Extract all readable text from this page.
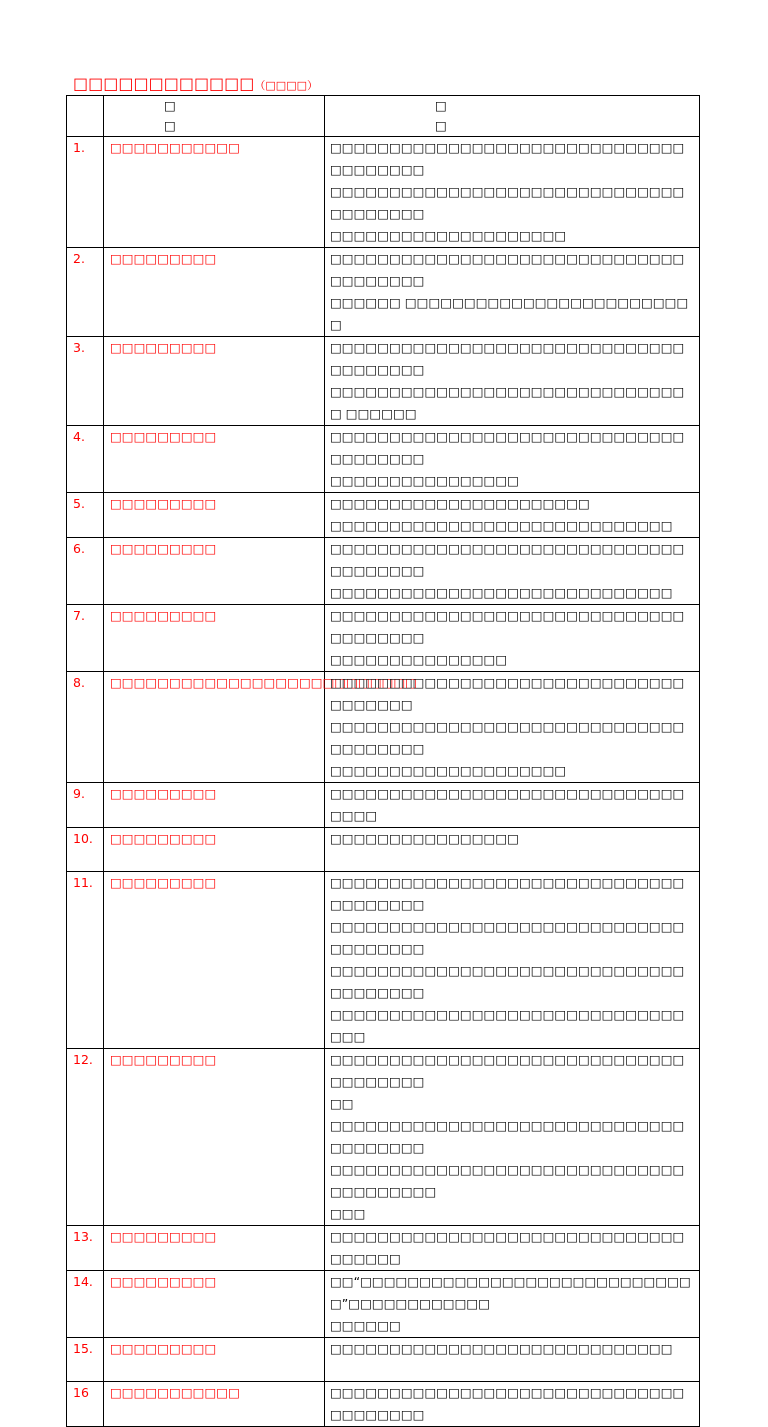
□□□□□□□□□□□□（□□□□）

	□ □	□ □

1.	□□□□□□□□□□□	□□□□□□□□□□□□□□□□□□□□□□□□□□□□□□□□□□□□□□
□□□□□□□□□□□□□□□□□□□□□□□□□□□□□□□□□□□□□□
□□□□□□□□□□□□□□□□□□□□

2.	□□□□□□□□□	□□□□□□□□□□□□□□□□□□□□□□□□□□□□□□□□□□□□□□
□□□□□□ □□□□□□□□□□□□□□□□□□□□□□□□□

3.	□□□□□□□□□	□□□□□□□□□□□□□□□□□□□□□□□□□□□□□□□□□□□□□□
□□□□□□□□□□□□□□□□□□□□□□□□□□□□□□□ □□□□□□

4.	□□□□□□□□□	□□□□□□□□□□□□□□□□□□□□□□□□□□□□□□□□□□□□□□
□□□□□□□□□□□□□□□□

5.	□□□□□□□□□	□□□□□□□□□□□□□□□□□□□□□□
□□□□□□□□□□□□□□□□□□□□□□□□□□□□□

6.	□□□□□□□□□	□□□□□□□□□□□□□□□□□□□□□□□□□□□□□□□□□□□□□□
□□□□□□□□□□□□□□□□□□□□□□□□□□□□□

7.	□□□□□□□□□	□□□□□□□□□□□□□□□□□□□□□□□□□□□□□□□□□□□□□□
□□□□□□□□□□□□□□□

8.	□□□□□□□□□□□□□□□□□□□□□□□□□□	□□□□□□□□□□□□□□□□□□□□□□□□□□□□□□□□□□□□□
□□□□□□□□□□□□□□□□□□□□□□□□□□□□□□□□□□□□□□
□□□□□□□□□□□□□□□□□□□□

9.	□□□□□□□□□	□□□□□□□□□□□□□□□□□□□□□□□□□□□□□□□□□□

10.	□□□□□□□□□	□□□□□□□□□□□□□□□□

11.	□□□□□□□□□	□□□□□□□□□□□□□□□□□□□□□□□□□□□□□□□□□□□□□□
□□□□□□□□□□□□□□□□□□□□□□□□□□□□□□□□□□□□□□
□□□□□□□□□□□□□□□□□□□□□□□□□□□□□□□□□□□□□□
□□□□□□□□□□□□□□□□□□□□□□□□□□□□□□□□□

12.	□□□□□□□□□	□□□□□□□□□□□□□□□□□□□□□□□□□□□□□□□□□□□□□□
□□
□□□□□□□□□□□□□□□□□□□□□□□□□□□□□□□□□□□□□□
□□□□□□□□□□□□□□□□□□□□□□□□□□□□□□□□□□□□□□□
□□□

13.	□□□□□□□□□	□□□□□□□□□□□□□□□□□□□□□□□□□□□□□□□□□□□□

14.	□□□□□□□□□	□□“□□□□□□□□□□□□□□□□□□□□□□□□□□□□□”□□□□□□□□□□□□
□□□□□□

15.	□□□□□□□□□	□□□□□□□□□□□□□□□□□□□□□□□□□□□□□

16	□□□□□□□□□□□	□□□□□□□□□□□□□□□□□□□□□□□□□□□□□□□□□□□□□□
